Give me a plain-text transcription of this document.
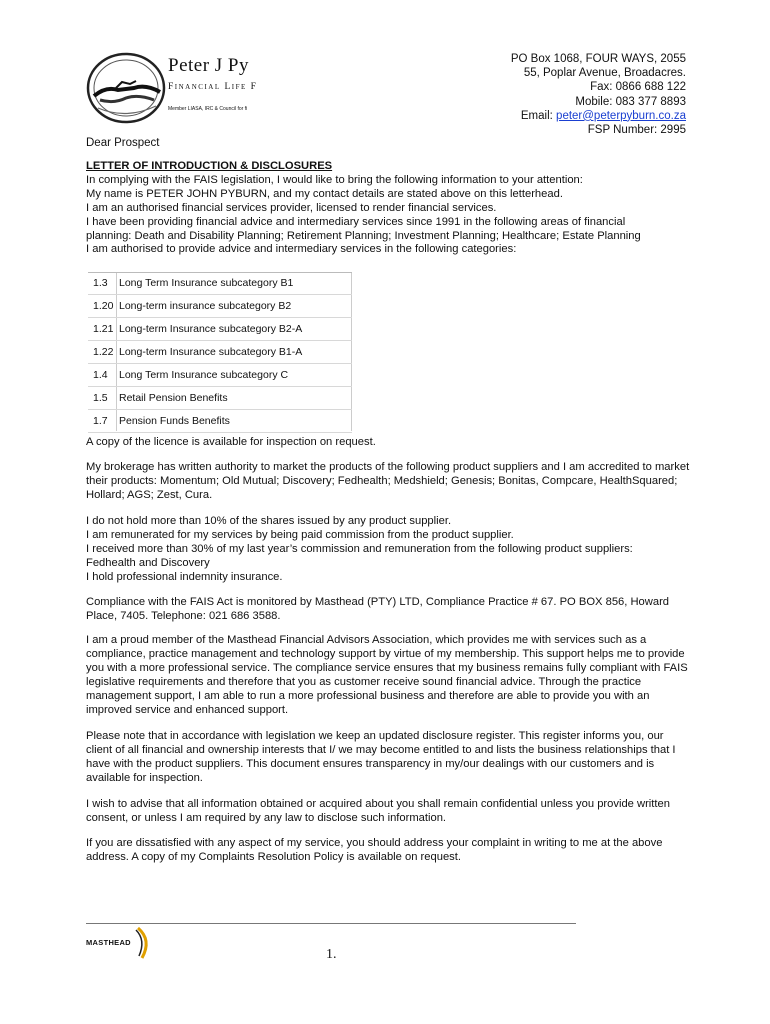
Peter J Py
Financial Life F
Member LIASA, IRC & Council for fi
PO Box 1068, FOUR WAYS, 2055
55, Poplar Avenue, Broadacres.
Fax: 0866 688 122
Mobile: 083 377 8893
Email: peter@peterpyburn.co.za
FSP Number: 2995
Dear Prospect
LETTER OF INTRODUCTION & DISCLOSURES
In complying with the FAIS legislation, I would like to bring the following information to your attention:
My name is PETER JOHN PYBURN, and my contact details are stated above on this letterhead.
I am an authorised financial services provider, licensed to render financial services.
I have been providing financial advice and intermediary services since 1991 in the following areas of financial
planning: Death and Disability Planning; Retirement Planning; Investment Planning; Healthcare; Estate Planning
I am authorised to provide advice and intermediary services in the following categories:
1.3 Long Term Insurance subcategory B1
1.20 Long-term insurance subcategory B2
1.21 Long-term Insurance subcategory B2-A
1.22 Long-term Insurance subcategory B1-A
1.4 Long Term Insurance subcategory C
1.5 Retail Pension Benefits
1.7 Pension Funds Benefits
A copy of the licence is available for inspection on request.

My brokerage has written authority to market the products of the following product suppliers and I am accredited to market their products: Momentum; Old Mutual; Discovery; Fedhealth; Medshield; Genesis; Bonitas, Compcare, HealthSquared; Hollard; AGS; Zest, Cura.

I do not hold more than 10% of the shares issued by any product supplier.
I am remunerated for my services by being paid commission from the product supplier.
I received more than 30% of my last year’s commission and remuneration from the following product suppliers:
Fedhealth and Discovery
I hold professional indemnity insurance.

Compliance with the FAIS Act is monitored by Masthead (PTY) LTD, Compliance Practice # 67. PO BOX 856, Howard Place, 7405. Telephone: 021 686 3588.

I am a proud member of the Masthead Financial Advisors Association, which provides me with services such as a compliance, practice management and technology support by virtue of my membership. This support helps me to provide you with a more professional service. The compliance service ensures that my business remains fully compliant with FAIS legislative requirements and therefore that you as customer receive sound financial advice. Through the practice management support, I am able to run a more professional business and therefore are able to provide you with an improved service and enhanced support.

Please note that in accordance with legislation we keep an updated disclosure register. This register informs you, our client of all financial and ownership interests that I/ we may become entitled to and lists the business relationships that I have with the product suppliers. This document ensures transparency in my/our dealings with our customers and is available for inspection.

I wish to advise that all information obtained or acquired about you shall remain confidential unless you provide written consent, or unless I am required by any law to disclose such information.

If you are dissatisfied with any aspect of my service, you should address your complaint in writing to me at the above address. A copy of my Complaints Resolution Policy is available on request.

MASTHEAD
1.
